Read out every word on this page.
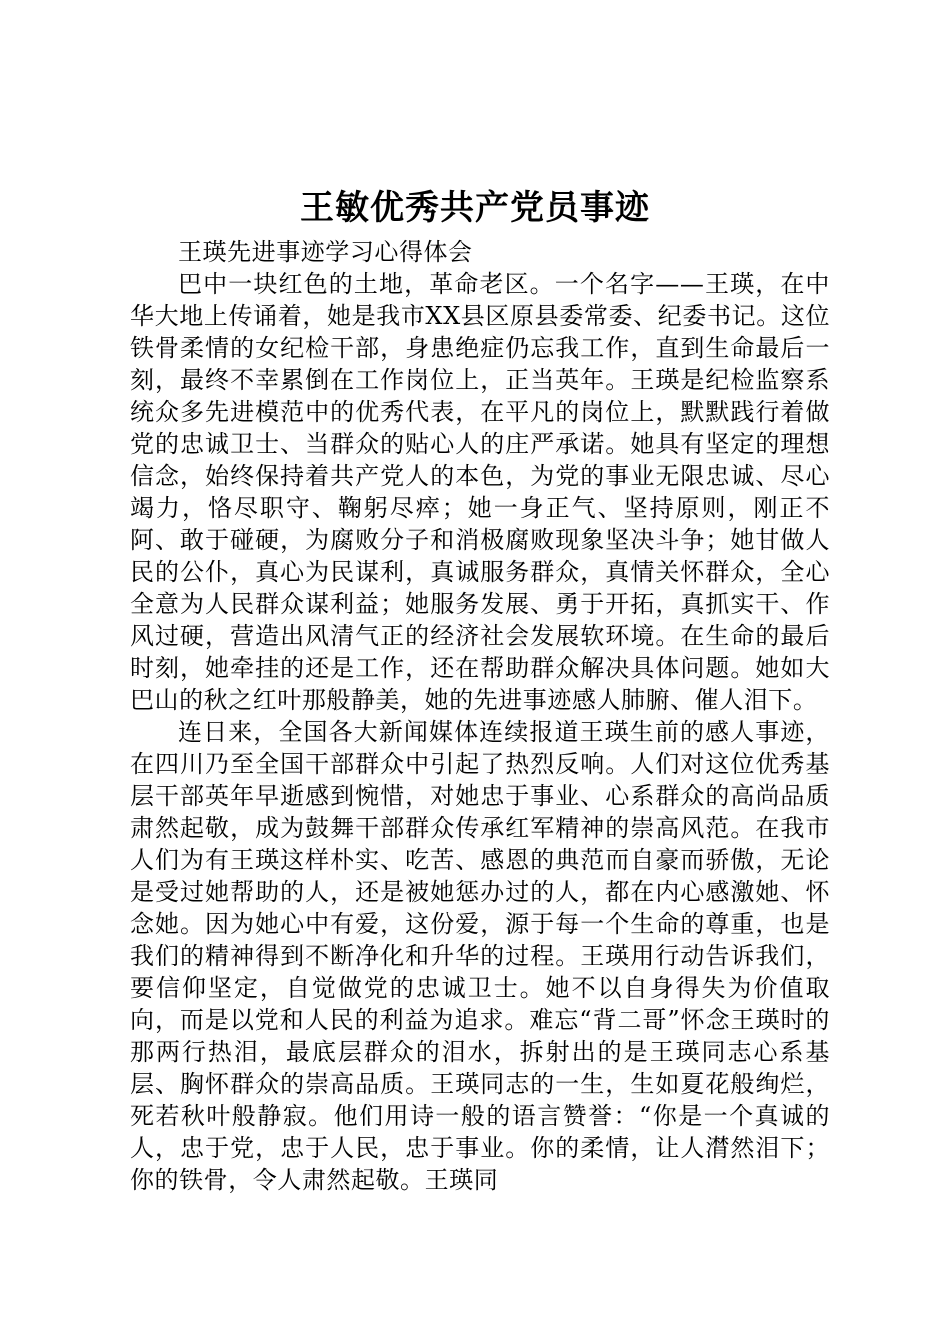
王敏优秀共产党员事迹

王瑛先进事迹学习心得体会

巴中一块红色的土地，革命老区。一个名字——王瑛，在中华大地上传诵着，她是我市XX县区原县委常委、纪委书记。这位铁骨柔情的女纪检干部，身患绝症仍忘我工作，直到生命最后一刻，最终不幸累倒在工作岗位上，正当英年。王瑛是纪检监察系统众多先进模范中的优秀代表，在平凡的岗位上，默默践行着做党的忠诚卫士、当群众的贴心人的庄严承诺。她具有坚定的理想信念，始终保持着共产党人的本色，为党的事业无限忠诚、尽心竭力，恪尽职守、鞠躬尽瘁；她一身正气、坚持原则，刚正不阿、敢于碰硬，为腐败分子和消极腐败现象坚决斗争；她甘做人民的公仆，真心为民谋利，真诚服务群众，真情关怀群众，全心全意为人民群众谋利益；她服务发展、勇于开拓，真抓实干、作风过硬，营造出风清气正的经济社会发展软环境。在生命的最后时刻，她牵挂的还是工作，还在帮助群众解决具体问题。她如大巴山的秋之红叶那般静美，她的先进事迹感人肺腑、催人泪下。

连日来，全国各大新闻媒体连续报道王瑛生前的感人事迹，在四川乃至全国干部群众中引起了热烈反响。人们对这位优秀基层干部英年早逝感到惋惜，对她忠于事业、心系群众的高尚品质肃然起敬，成为鼓舞干部群众传承红军精神的崇高风范。在我市人们为有王瑛这样朴实、吃苦、感恩的典范而自豪而骄傲，无论是受过她帮助的人，还是被她惩办过的人，都在内心感激她、怀念她。因为她心中有爱，这份爱，源于每一个生命的尊重，也是我们的精神得到不断净化和升华的过程。王瑛用行动告诉我们，要信仰坚定，自觉做党的忠诚卫士。她不以自身得失为价值取向，而是以党和人民的利益为追求。难忘“背二哥”怀念王瑛时的那两行热泪，最底层群众的泪水，拆射出的是王瑛同志心系基层、胸怀群众的崇高品质。王瑛同志的一生，生如夏花般绚烂，死若秋叶般静寂。他们用诗一般的语言赞誉：“你是一个真诚的人，忠于党，忠于人民，忠于事业。你的柔情，让人潸然泪下；你的铁骨，令人肃然起敬。王瑛同
